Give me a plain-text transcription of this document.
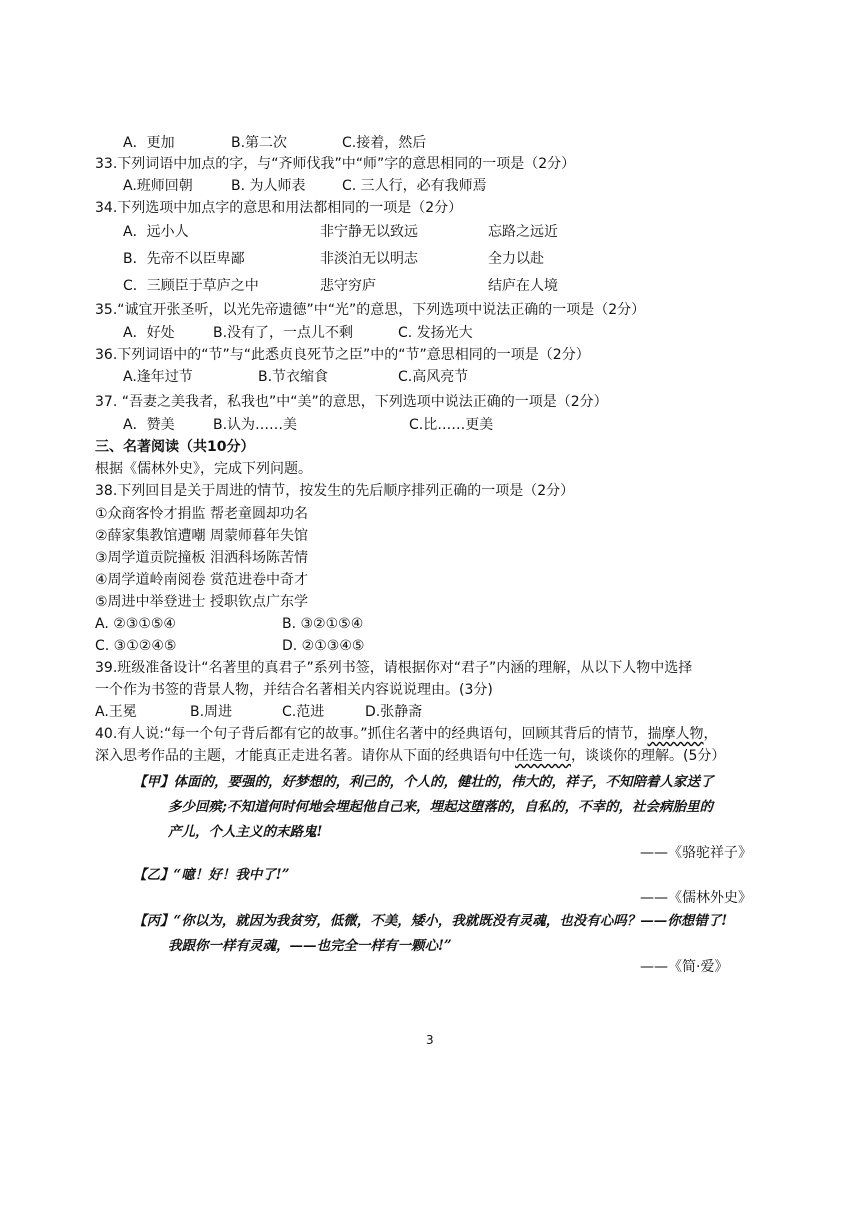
A．更加	B.第二次	C.接着，然后
33.下列词语中加点的字，与“齐师伐我”中“师”字的意思相同的一项是（2分）
A.班师回朝	B. 为人师表	C. 三人行，必有我师焉
34.下列选项中加点字的意思和用法都相同的一项是（2分）
A．远小人	非宁静无以致远	忘路之远近
B．先帝不以臣卑鄙	非淡泊无以明志	全力以赴
C．三顾臣于草庐之中	悲守穷庐	结庐在人境
35.“诚宜开张圣听，以光先帝遗德”中“光”的意思，下列选项中说法正确的一项是（2分）
A．好处	B.没有了，一点儿不剩	C. 发扬光大
36.下列词语中的“节”与“此悉贞良死节之臣”中的“节”意思相同的一项是（2分）
A.逢年过节	B.节衣缩食	C.高风亮节
37. “吾妻之美我者，私我也”中“美”的意思，下列选项中说法正确的一项是（2分）
A．赞美	B.认为……美	C.比……更美
三、名著阅读（共10分）
根据《儒林外史》，完成下列问题。
38.下列回目是关于周进的情节，按发生的先后顺序排列正确的一项是（2分）
①众商客怜才捐监 帮老童圆却功名
②薛家集教馆遭嘲 周蒙师暮年失馆
③周学道贡院撞板 泪洒科场陈苦情
④周学道岭南阅卷 赏范进卷中奇才
⑤周进中举登进士 授职钦点广东学
A. ②③①⑤④	B. ③②①⑤④
C. ③①②④⑤	D. ②①③④⑤
39.班级准备设计“名著里的真君子”系列书签，请根据你对“君子”内涵的理解，从以下人物中选择
一个作为书签的背景人物，并结合名著相关内容说说理由。(3分)
A.王冕	B.周进	C.范进	D.张静斋
40.有人说:“每一个句子背后都有它的故事。”抓住名著中的经典语句，回顾其背后的情节，揣摩人物，
深入思考作品的主题，才能真正走进名著。请你从下面的经典语句中任选一句，谈谈你的理解。(5分）
【甲】体面的，要强的，好梦想的，利己的，个人的，健壮的，伟大的，祥子，不知陪着人家送了
多少回殡;不知道何时何地会埋起他自己来，埋起这堕落的，自私的，不幸的，社会病胎里的
产儿，个人主义的末路鬼!
——《骆驼祥子》
【乙】“噫！好！我中了!”
——《儒林外史》
【丙】“你以为，就因为我贫穷，低微，不美，矮小，我就既没有灵魂，也没有心吗？——你想错了!
我跟你一样有灵魂，——也完全一样有一颗心!”
——《简·爱》
3
